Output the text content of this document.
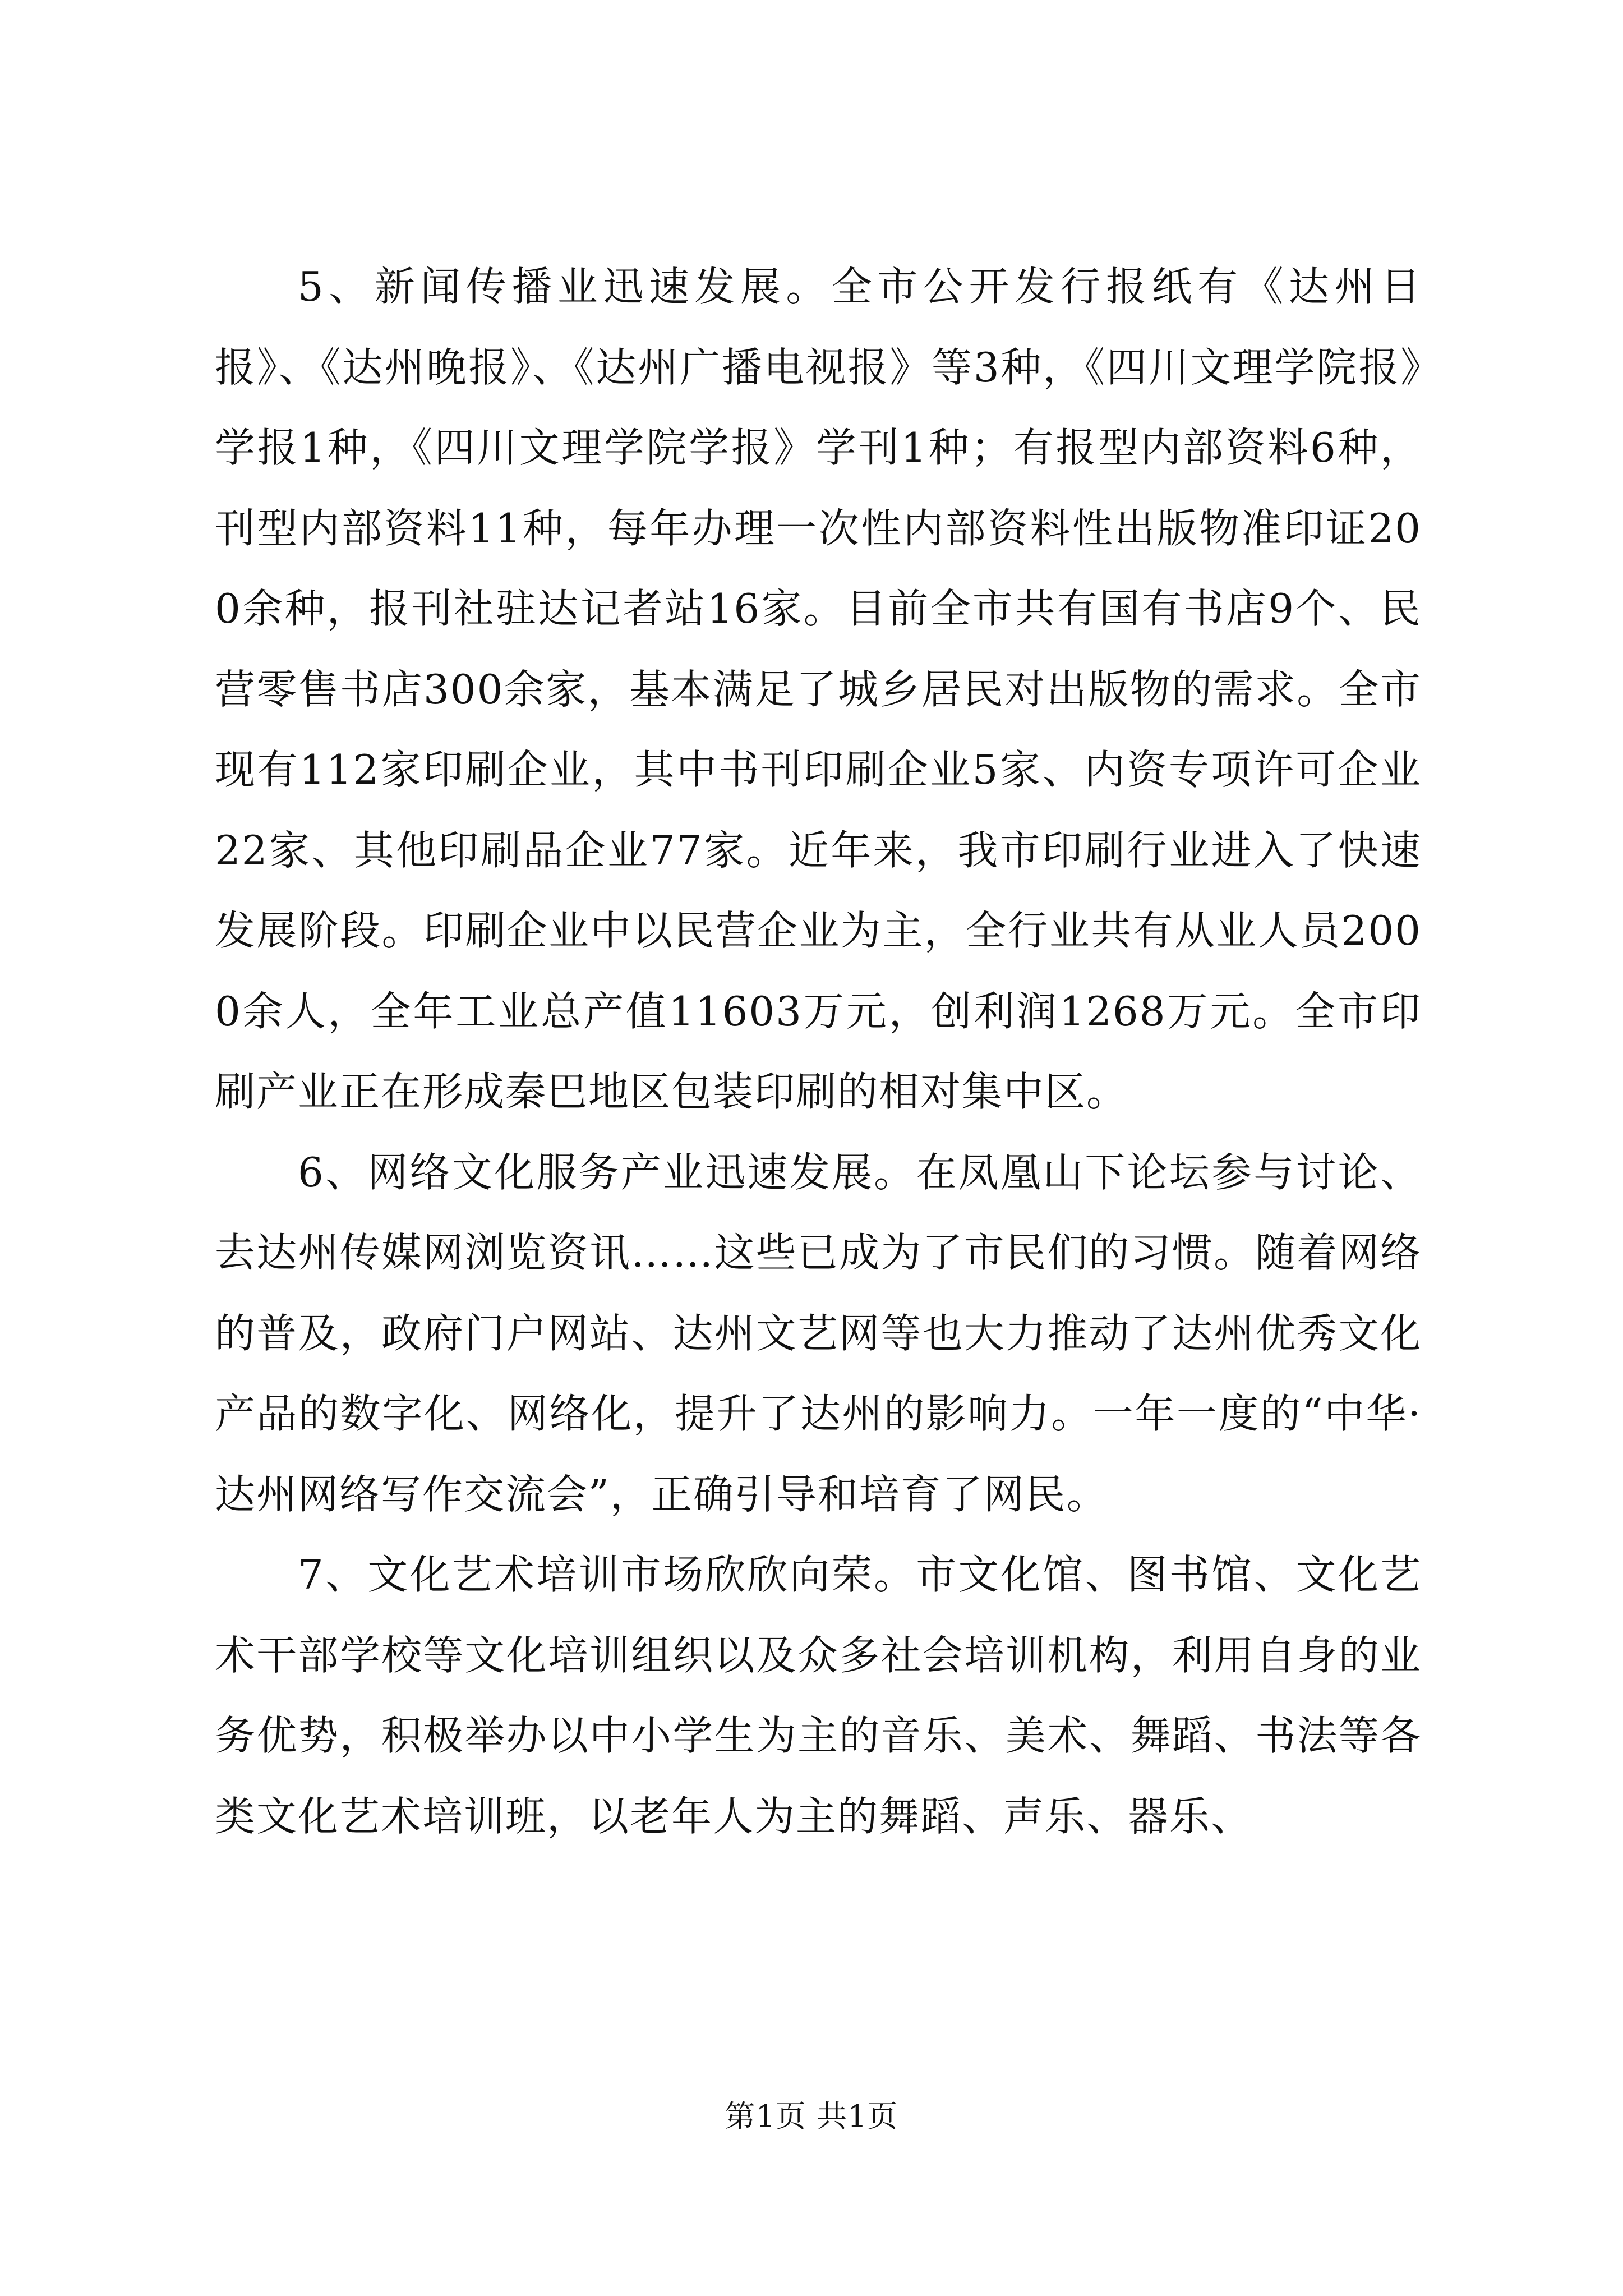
5、新闻传播业迅速发展。全市公开发行报纸有《达州日报》、《达州晚报》、《达州广播电视报》等3种，《四川文理学院报》学报1种，《四川文理学院学报》学刊1种；有报型内部资料6种，刊型内部资料11种，每年办理一次性内部资料性出版物准印证200余种，报刊社驻达记者站16家。目前全市共有国有书店9个、民营零售书店300余家，基本满足了城乡居民对出版物的需求。全市现有112家印刷企业，其中书刊印刷企业5家、内资专项许可企业22家、其他印刷品企业77家。近年来，我市印刷行业进入了快速发展阶段。印刷企业中以民营企业为主，全行业共有从业人员2000余人，全年工业总产值11603万元，创利润1268万元。全市印刷产业正在形成秦巴地区包装印刷的相对集中区。

6、网络文化服务产业迅速发展。在凤凰山下论坛参与讨论、去达州传媒网浏览资讯……这些已成为了市民们的习惯。随着网络的普及，政府门户网站、达州文艺网等也大力推动了达州优秀文化产品的数字化、网络化，提升了达州的影响力。一年一度的“中华·达州网络写作交流会”，正确引导和培育了网民。

7、文化艺术培训市场欣欣向荣。市文化馆、图书馆、文化艺术干部学校等文化培训组织以及众多社会培训机构，利用自身的业务优势，积极举办以中小学生为主的音乐、美术、舞蹈、书法等各类文化艺术培训班，以老年人为主的舞蹈、声乐、器乐、

第1页 共1页
